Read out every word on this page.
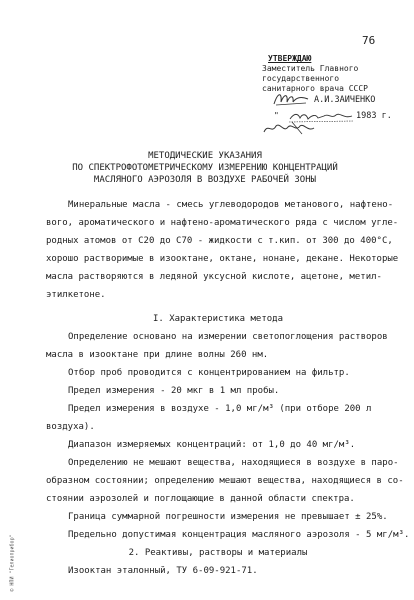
76
УТВЕРЖДАЮ
Заместитель Главного
государственного
санитарного врача СССР
А.И.ЗАИЧЕНКО
"	1983 г.
МЕТОДИЧЕСКИЕ УКАЗАНИЯ
ПО СПЕКТРОФОТОМЕТРИЧЕСКОМУ ИЗМЕРЕНИЮ КОНЦЕНТРАЦИЙ
МАСЛЯНОГО АЭРОЗОЛЯ В ВОЗДУХЕ РАБОЧЕЙ ЗОНЫ
Минеральные масла - смесь углеводородов метанового, нафтено-
вого, ароматического и нафтено-ароматического ряда с числом угле-
родных атомов от С20 до С70 - жидкости с т.кип. от 300 до 400°С,
хорошо растворимые в изооктане, октане, нонане, декане. Некоторые
масла растворяются в ледяной уксусной кислоте, ацетоне, метил-
этилкетоне.
I. Характеристика метода
Определение основано на измерении светопоглощения растворов
масла в изооктане при длине волны 260 нм.
Отбор проб проводится с концентрированием на фильтр.
Предел измерения - 20 мкг в 1 мл пробы.
Предел измерения в воздухе - 1,0 мг/м³ (при отборе 200 л
воздуха).
Диапазон измеряемых концентраций: от 1,0 до 40 мг/м³.
Определению не мешают вещества, находящиеся в воздухе в паро-
образном состоянии; определению мешают вещества, находящиеся в со-
стоянии аэрозолей и поглощающие в данной области спектра.
Граница суммарной погрешности измерения не превышает ± 25%.
Предельно допустимая концентрация масляного аэрозоля - 5 мг/м³.
2. Реактивы, растворы и материалы
Изооктан эталонный, ТУ 6-09-921-71.
© НПИ "Гелиоприбор"
